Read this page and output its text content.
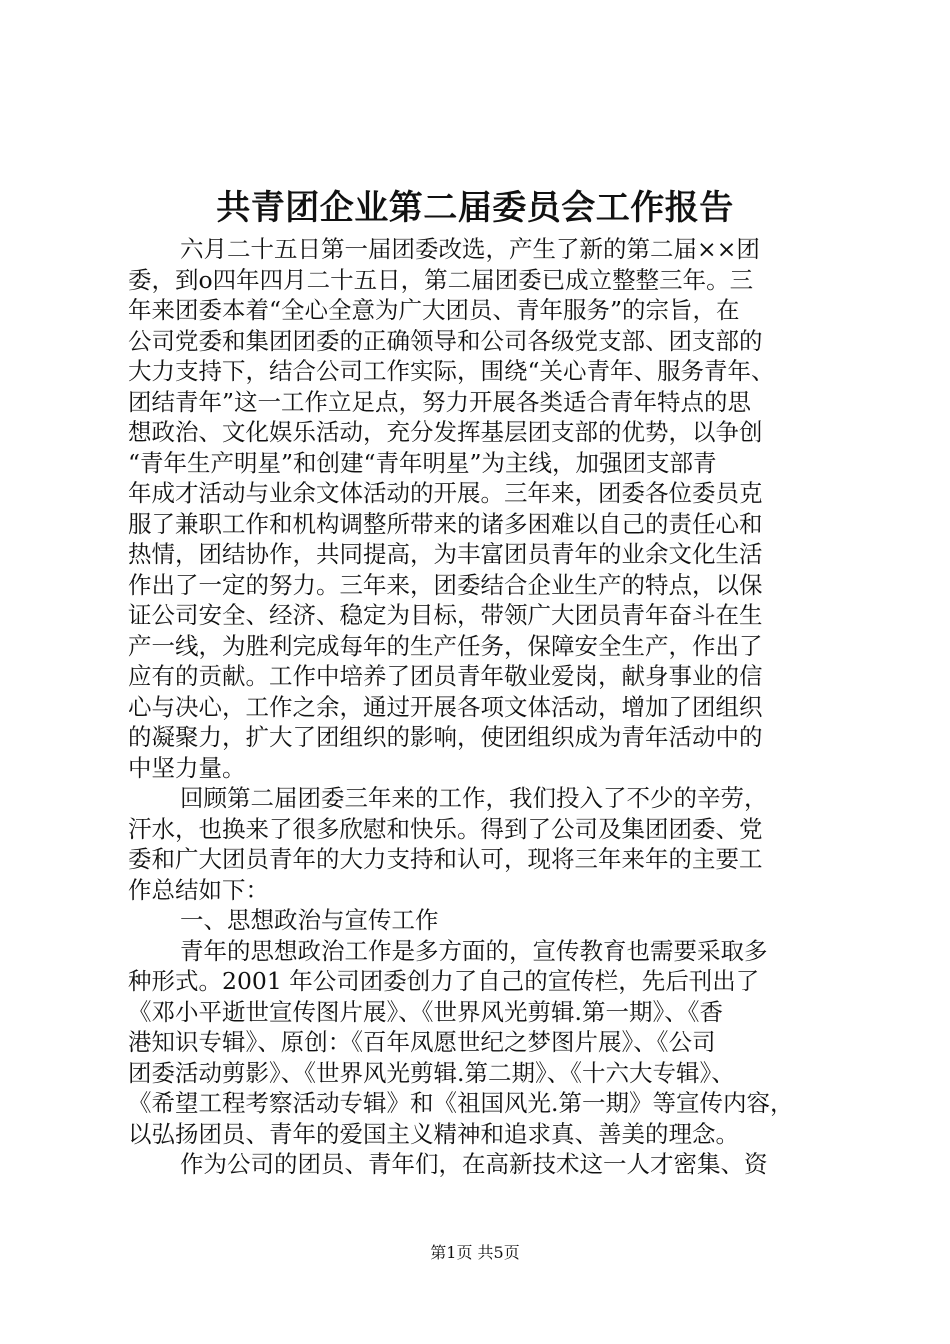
共青团企业第二届委员会工作报告
六月二十五日第一届团委改选，产生了新的第二届××团
委，到o四年四月二十五日，第二届团委已成立整整三年。三
年来团委本着“全心全意为广大团员、青年服务”的宗旨，在
公司党委和集团团委的正确领导和公司各级党支部、团支部的
大力支持下，结合公司工作实际，围绕“关心青年、服务青年、
团结青年”这一工作立足点，努力开展各类适合青年特点的思
想政治、文化娱乐活动，充分发挥基层团支部的优势，以争创
“青年生产明星”和创建“青年明星”为主线，加强团支部青
年成才活动与业余文体活动的开展。三年来，团委各位委员克
服了兼职工作和机构调整所带来的诸多困难以自己的责任心和
热情，团结协作，共同提高，为丰富团员青年的业余文化生活
作出了一定的努力。三年来，团委结合企业生产的特点，以保
证公司安全、经济、稳定为目标，带领广大团员青年奋斗在生
产一线，为胜利完成每年的生产任务，保障安全生产，作出了
应有的贡献。工作中培养了团员青年敬业爱岗，献身事业的信
心与决心，工作之余，通过开展各项文体活动，增加了团组织
的凝聚力，扩大了团组织的影响，使团组织成为青年活动中的
中坚力量。
回顾第二届团委三年来的工作，我们投入了不少的辛劳，
汗水，也换来了很多欣慰和快乐。得到了公司及集团团委、党
委和广大团员青年的大力支持和认可，现将三年来年的主要工
作总结如下：
一、思想政治与宣传工作
青年的思想政治工作是多方面的，宣传教育也需要采取多
种形式。2001 年公司团委创力了自己的宣传栏，先后刊出了
《邓小平逝世宣传图片展》、《世界风光剪辑.第一期》、《香
港知识专辑》、原创：《百年凤愿世纪之梦图片展》、《公司
团委活动剪影》、《世界风光剪辑.第二期》、《十六大专辑》、
《希望工程考察活动专辑》和《祖国风光.第一期》等宣传内容，
以弘扬团员、青年的爱国主义精神和追求真、善美的理念。
作为公司的团员、青年们，在高新技术这一人才密集、资
第1页 共5页
